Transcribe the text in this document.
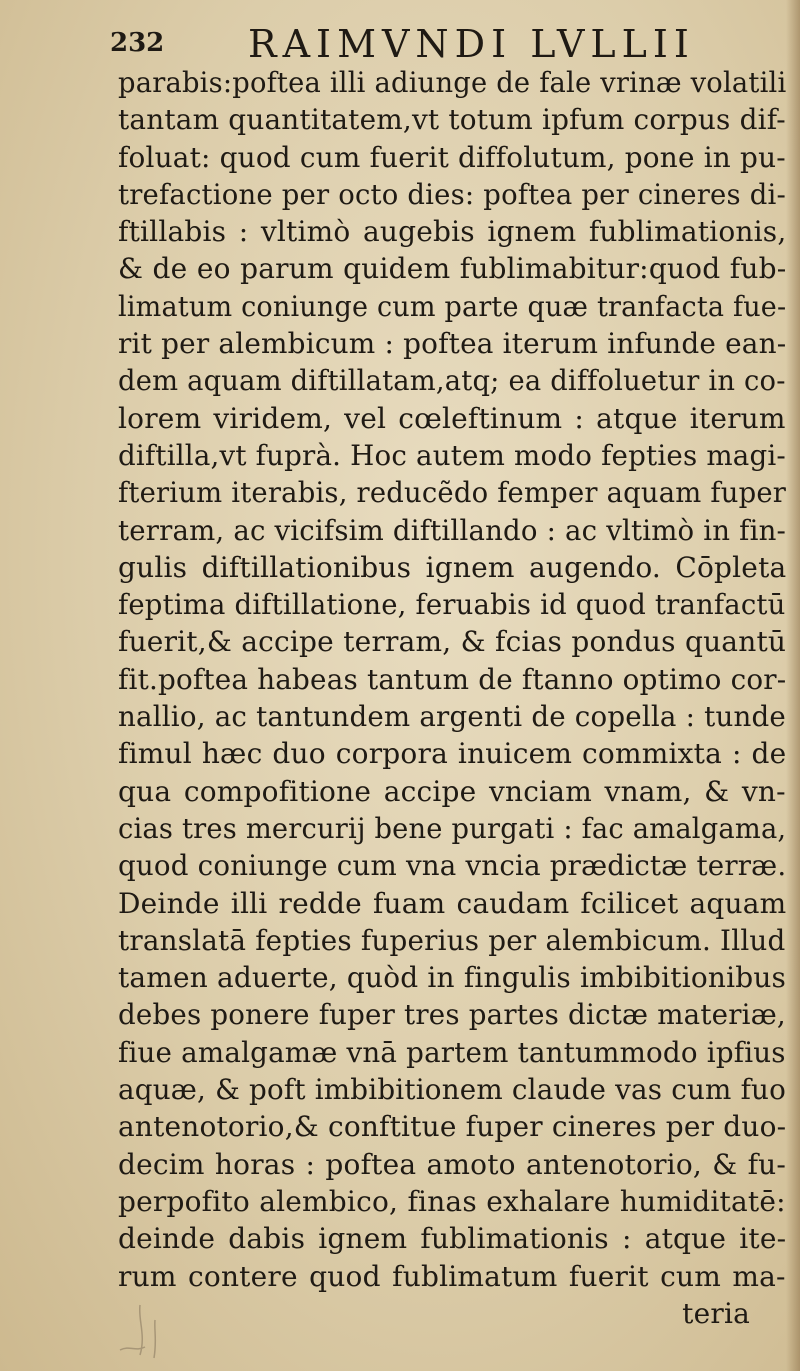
232 RAIMVNDI LVLLII
parabis:poftea illi adiunge de fale vrinæ volatili
tantam quantitatem,vt totum ipfum corpus dif-
foluat: quod cum fuerit diffolutum, pone in pu-
trefactione per octo dies: poftea per cineres di-
ftillabis : vltimò augebis ignem fublimationis,
& de eo parum quidem fublimabitur:quod fub-
limatum coniunge cum parte quæ tranfacta fue-
rit per alembicum : poftea iterum infunde ean-
dem aquam diftillatam,atq; ea diffoluetur in co-
lorem viridem, vel cœleftinum : atque iterum
diftilla,vt fuprà. Hoc autem modo fepties magi-
fterium iterabis, reducẽdo femper aquam fuper
terram, ac vicifsim diftillando : ac vltimò in fin-
gulis diftillationibus ignem augendo. Cōpleta
feptima diftillatione, feruabis id quod tranfactū
fuerit,& accipe terram, & fcias pondus quantū
fit.poftea habeas tantum de ftanno optimo cor-
nallio, ac tantundem argenti de copella : tunde
fimul hæc duo corpora inuicem commixta : de
qua compofitione accipe vnciam vnam, & vn-
cias tres mercurij bene purgati : fac amalgama,
quod coniunge cum vna vncia prædictæ terræ.
Deinde illi redde fuam caudam fcilicet aquam
translatā fepties fuperius per alembicum. Illud
tamen aduerte, quòd in fingulis imbibitionibus
debes ponere fuper tres partes dictæ materiæ,
fiue amalgamæ vnā partem tantummodo ipfius
aquæ, & poft imbibitionem claude vas cum fuo
antenotorio,& conftitue fuper cineres per duo-
decim horas : poftea amoto antenotorio, & fu-
perpofito alembico, finas exhalare humiditatē:
deinde dabis ignem fublimationis : atque ite-
rum contere quod fublimatum fuerit cum ma-
teria
